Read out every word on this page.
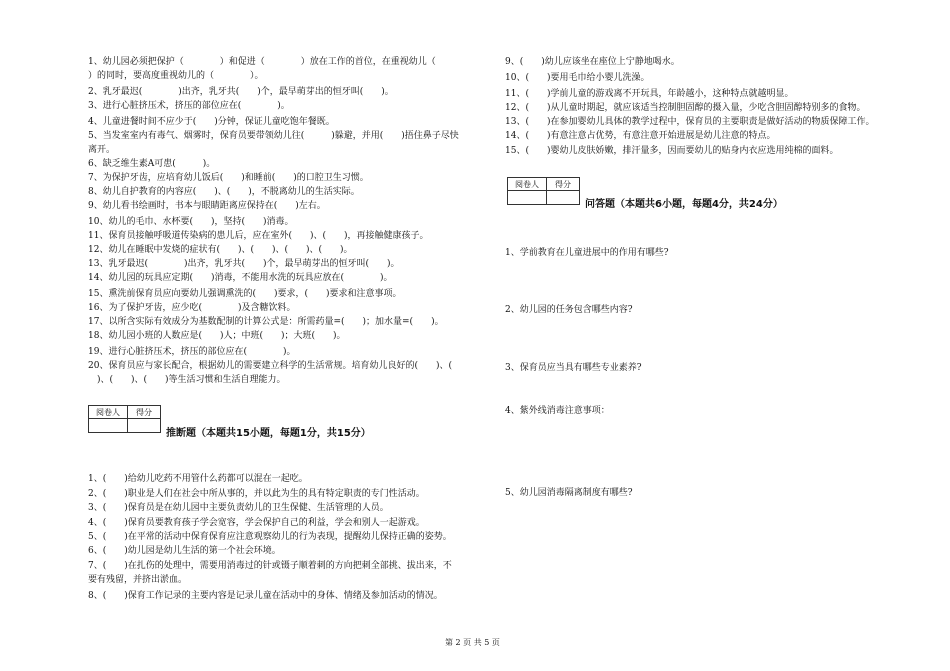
1、幼儿园必须把保护（　　　　）和促进（　　　　）放在工作的首位，在重视幼儿（
）的同时，要高度重视幼儿的（　　　　）。
2、乳牙最迟(　　　　)出齐，乳牙共(　　)个，最早萌芽出的恒牙叫(　　)。
3、进行心脏挤压术，挤压的部位应在(　　　　)。
4、儿童进餐时间不应少于(　　)分钟，保证儿童吃饱年餐既。
5、当发室室内有毒气、烟雾时，保育员要带领幼儿往(　　　)躲避，并用(　　)捂住鼻子尽快
离开。
6、缺乏维生素A可患(　　　)。
7、为保护牙齿，应培育幼儿饭后(　　)和睡前(　　)的口腔卫生习惯。
8、幼儿自护教育的内容应(　　)、(　　)，不脱离幼儿的生活实际。
9、幼儿看书绘画时，书本与眼睛距离应保持在(　　)左右。
10、幼儿的毛巾、水杯要(　　)，坚持(　　)消毒。
11、保育员接触呼吸道传染病的患儿后，应在室外(　　)、(　　)，再接触健康孩子。
12、幼儿在睡眠中发烧的症状有(　　)、(　　)、(　　)、(　　)。
13、乳牙最迟(　　　　)出齐，乳牙共(　　)个，最早萌芽出的恒牙叫(　　)。
14、幼儿园的玩具应定期(　　)消毒，不能用水洗的玩具应放在(　　　　)。
15、熏洗前保育员应向要幼儿强调熏洗的(　　)要求，(　　)要求和注意事项。
16、为了保护牙齿，应少吃(　　　　)及含糖饮料。
17、以所含实际有效成分为基数配制的计算公式是：所需药量=(　　)；加水量=(　　)。
18、幼儿园小班的人数应是(　　)人；中班(　　)；大班(　　)。
19、进行心脏挤压术，挤压的部位应在(　　　　)。
20、保育员应与家长配合，根据幼儿的需要建立科学的生活常规。培育幼儿良好的(　　)、(
　)、(　　)、(　　)等生活习惯和生活自理能力。
阅卷人	得分

推断题（本题共15小题，每题1分，共15分）
1、(　　)给幼儿吃药不用管什么药都可以混在一起吃。
2、(　　)职业是人们在社会中所从事的，并以此为生的具有特定职责的专门性活动。
3、(　　)保育员是在幼儿园中主要负责幼儿的卫生保健、生活管理的人员。
4、(　　)保育员要教育孩子学会宽容，学会保护自己的利益，学会和别人一起游戏。
5、(　　)在平常的活动中保育保育应注意观察幼儿的行为表现，提醒幼儿保持正确的姿势。
6、(　　)幼儿园是幼儿生活的第一个社会环境。
7、(　　)在扎伤的处理中，需要用消毒过的针或镊子顺着刺的方向把刺全部挑、拔出来，不
要有残留，并挤出淤血。
8、(　　)保育工作记录的主要内容是记录儿童在活动中的身体、情绪及参加活动的情况。
9、(　　)幼儿应该坐在座位上宁静地喝水。
10、(　　)要用毛巾给小婴儿洗澡。
11、(　　)学前儿童的游戏离不开玩具，年龄越小，这种特点就越明显。
12、(　　)从儿童时期起，就应该适当控制胆固醇的摄入量，少吃含胆固醇特别多的食物。
13、(　　)在参加婴幼儿具体的教学过程中，保育员的主要职责是做好活动的物质保障工作。
14、(　　)有意注意占优势，有意注意开始进展是幼儿注意的特点。
15、(　　)婴幼儿皮肤娇嫩，排汗量多，因而要幼儿的贴身内衣应选用纯棉的面料。
阅卷人	得分

问答题（本题共6小题，每题4分，共24分）
1、学前教育在儿童进展中的作用有哪些?
2、幼儿园的任务包含哪些内容?
3、保育员应当具有哪些专业素养?
4、紫外线消毒注意事项：
5、幼儿园消毒隔离制度有哪些?
第 2 页 共 5 页
